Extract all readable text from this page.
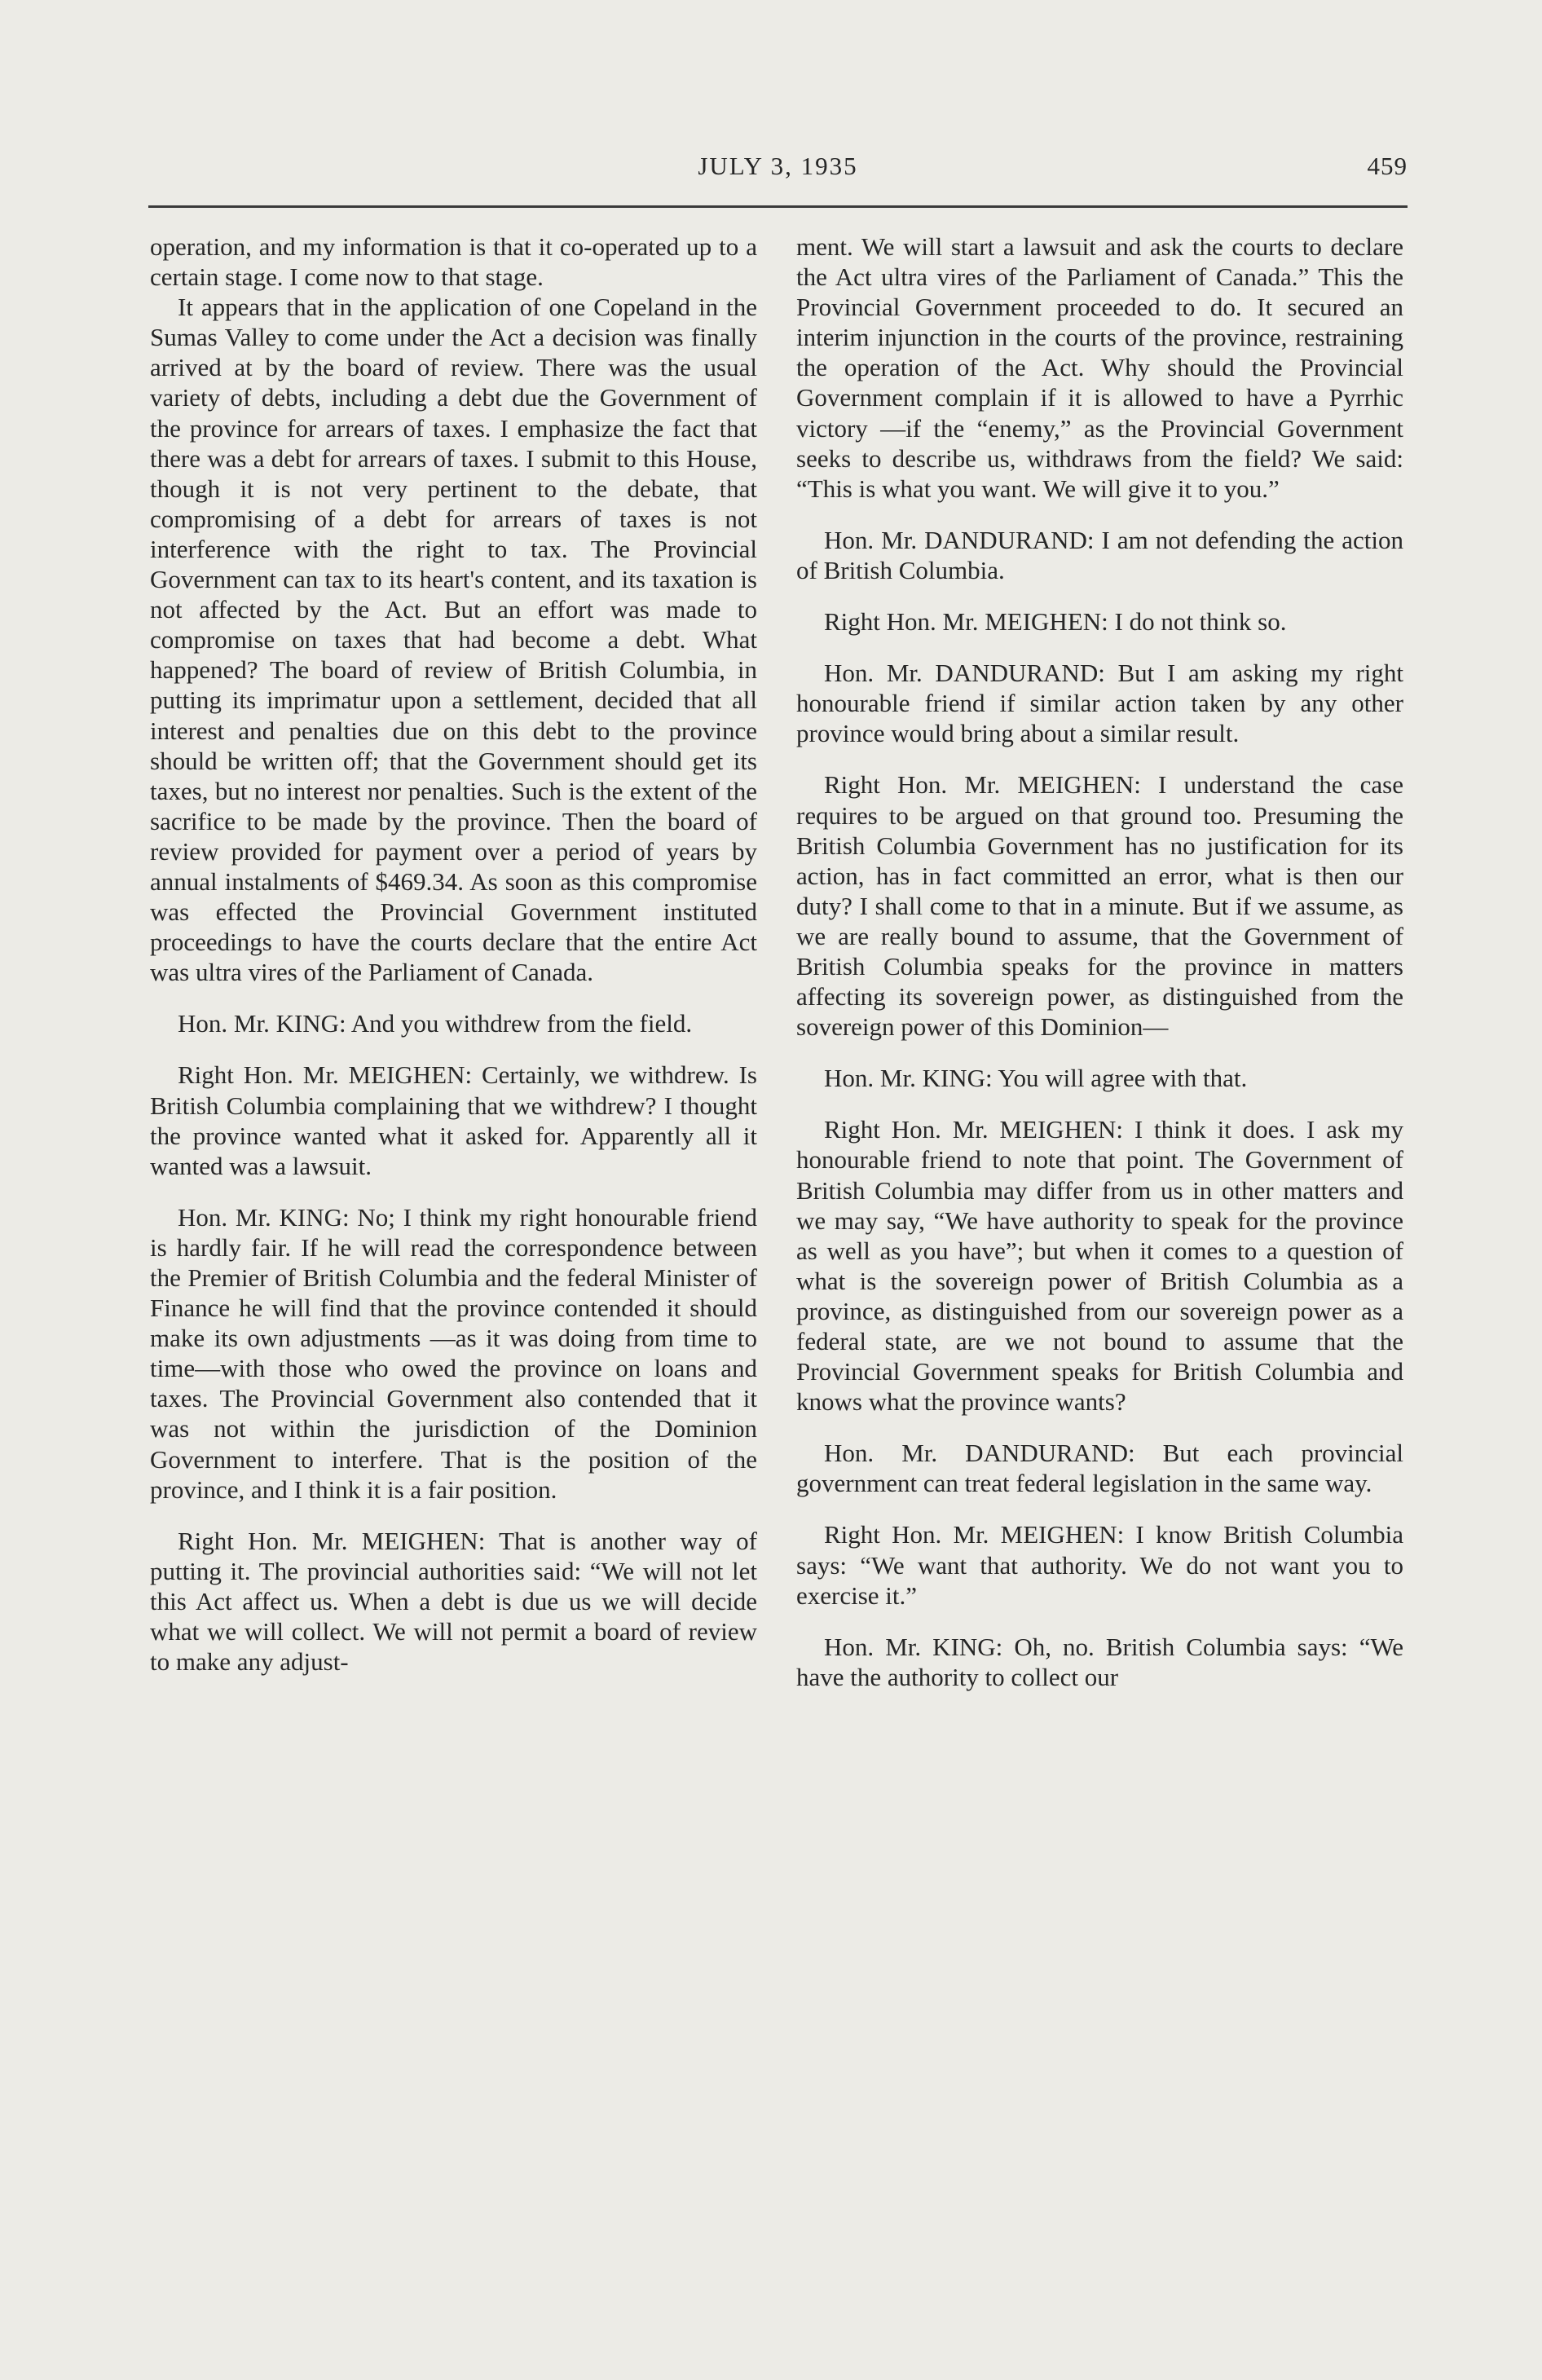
JULY 3, 1935	459

operation, and my information is that it co-operated up to a certain stage. I come now to that stage.

It appears that in the application of one Copeland in the Sumas Valley to come under the Act a decision was finally arrived at by the board of review. There was the usual variety of debts, including a debt due the Government of the province for arrears of taxes. I emphasize the fact that there was a debt for arrears of taxes. I submit to this House, though it is not very pertinent to the debate, that compromising of a debt for arrears of taxes is not interference with the right to tax. The Provincial Government can tax to its heart's content, and its taxation is not affected by the Act. But an effort was made to compromise on taxes that had become a debt. What happened? The board of review of British Columbia, in putting its imprimatur upon a settlement, decided that all interest and penalties due on this debt to the province should be written off; that the Government should get its taxes, but no interest nor penalties. Such is the extent of the sacrifice to be made by the province. Then the board of review provided for payment over a period of years by annual instalments of $469.34. As soon as this compromise was effected the Provincial Government instituted proceedings to have the courts declare that the entire Act was ultra vires of the Parliament of Canada.

Hon. Mr. KING: And you withdrew from the field.

Right Hon. Mr. MEIGHEN: Certainly, we withdrew. Is British Columbia complaining that we withdrew? I thought the province wanted what it asked for. Apparently all it wanted was a lawsuit.

Hon. Mr. KING: No; I think my right honourable friend is hardly fair. If he will read the correspondence between the Premier of British Columbia and the federal Minister of Finance he will find that the province contended it should make its own adjustments —as it was doing from time to time—with those who owed the province on loans and taxes. The Provincial Government also contended that it was not within the jurisdiction of the Dominion Government to interfere. That is the position of the province, and I think it is a fair position.

Right Hon. Mr. MEIGHEN: That is another way of putting it. The provincial authorities said: “We will not let this Act affect us. When a debt is due us we will decide what we will collect. We will not permit a board of review to make any adjust-

ment. We will start a lawsuit and ask the courts to declare the Act ultra vires of the Parliament of Canada.” This the Provincial Government proceeded to do. It secured an interim injunction in the courts of the province, restraining the operation of the Act. Why should the Provincial Government complain if it is allowed to have a Pyrrhic victory —if the “enemy,” as the Provincial Government seeks to describe us, withdraws from the field? We said: “This is what you want. We will give it to you.”

Hon. Mr. DANDURAND: I am not defending the action of British Columbia.

Right Hon. Mr. MEIGHEN: I do not think so.

Hon. Mr. DANDURAND: But I am asking my right honourable friend if similar action taken by any other province would bring about a similar result.

Right Hon. Mr. MEIGHEN: I understand the case requires to be argued on that ground too. Presuming the British Columbia Government has no justification for its action, has in fact committed an error, what is then our duty? I shall come to that in a minute. But if we assume, as we are really bound to assume, that the Government of British Columbia speaks for the province in matters affecting its sovereign power, as distinguished from the sovereign power of this Dominion—

Hon. Mr. KING: You will agree with that.

Right Hon. Mr. MEIGHEN: I think it does. I ask my honourable friend to note that point. The Government of British Columbia may differ from us in other matters and we may say, “We have authority to speak for the province as well as you have”; but when it comes to a question of what is the sovereign power of British Columbia as a province, as distinguished from our sovereign power as a federal state, are we not bound to assume that the Provincial Government speaks for British Columbia and knows what the province wants?

Hon. Mr. DANDURAND: But each provincial government can treat federal legislation in the same way.

Right Hon. Mr. MEIGHEN: I know British Columbia says: “We want that authority. We do not want you to exercise it.”

Hon. Mr. KING: Oh, no. British Columbia says: “We have the authority to collect our
